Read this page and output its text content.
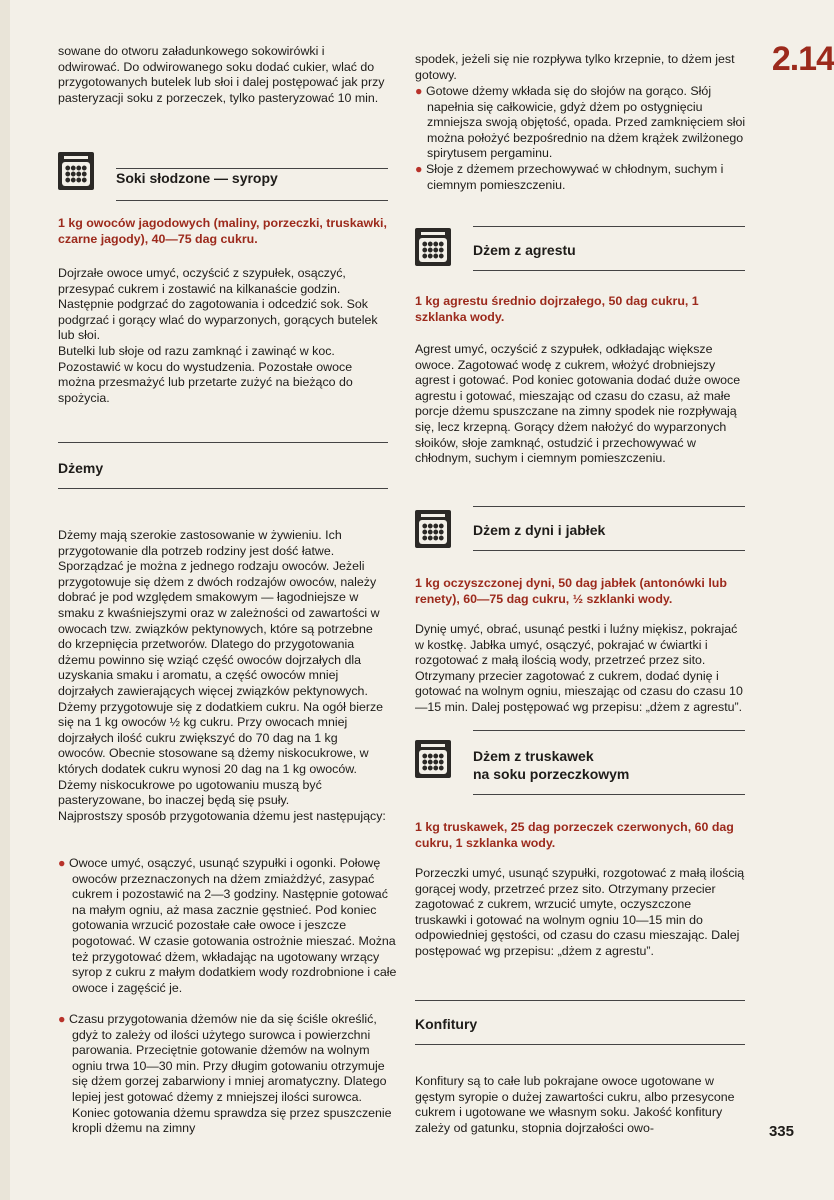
2.14

sowane do otworu załadunkowego sokowirówki i odwirować. Do odwirowanego soku dodać cukier, wlać do przygotowanych butelek lub słoi i dalej postępować jak przy pasteryzacji soku z porzeczek, tylko pasteryzować 10 min.

Soki słodzone — syropy

1 kg owoców jagodowych (maliny, porzeczki, truskawki, czarne jagody), 40—75 dag cukru.

Dojrzałe owoce umyć, oczyścić z szypułek, osączyć, przesypać cukrem i zostawić na kilkanaście godzin. Następnie podgrzać do zagotowania i odcedzić sok. Sok podgrzać i gorący wlać do wyparzonych, gorących butelek lub słoi.
Butelki lub słoje od razu zamknąć i zawinąć w koc. Pozostawić w kocu do wystudzenia. Pozostałe owoce można przesmażyć lub przetarte zużyć na bieżąco do spożycia.

Dżemy

Dżemy mają szerokie zastosowanie w żywieniu. Ich przygotowanie dla potrzeb rodziny jest dość łatwe. Sporządzać je można z jednego rodzaju owoców. Jeżeli przygotowuje się dżem z dwóch rodzajów owoców, należy dobrać je pod względem smakowym — łagodniejsze w smaku z kwaśniejszymi oraz w zależności od zawartości w owocach tzw. związków pektynowych, które są potrzebne do krzepnięcia przetworów. Dlatego do przygotowania dżemu powinno się wziąć część owoców dojrzałych dla uzyskania smaku i aromatu, a część owoców mniej dojrzałych zawierających więcej związków pektynowych.
Dżemy przygotowuje się z dodatkiem cukru. Na ogół bierze się na 1 kg owoców ½ kg cukru. Przy owocach mniej dojrzałych ilość cukru zwiększyć do 70 dag na 1 kg owoców. Obecnie stosowane są dżemy niskocukrowe, w których dodatek cukru wynosi 20 dag na 1 kg owoców. Dżemy niskocukrowe po ugotowaniu muszą być pasteryzowane, bo inaczej będą się psuły.
Najprostszy sposób przygotowania dżemu jest następujący:

● Owoce umyć, osączyć, usunąć szypułki i ogonki. Połowę owoców przeznaczonych na dżem zmiażdżyć, zasypać cukrem i pozostawić na 2—3 godziny. Następnie gotować na małym ogniu, aż masa zacznie gęstnieć. Pod koniec gotowania wrzucić pozostałe całe owoce i jeszcze pogotować. W czasie gotowania ostrożnie mieszać. Można też przygotować dżem, wkładając na ugotowany wrzący syrop z cukru z małym dodatkiem wody rozdrobnione i całe owoce i zagęścić je.

● Czasu przygotowania dżemów nie da się ściśle określić, gdyż to zależy od ilości użytego surowca i powierzchni parowania. Przeciętnie gotowanie dżemów na wolnym ogniu trwa 10—30 min. Przy długim gotowaniu otrzymuje się dżem gorzej zabarwiony i mniej aromatyczny. Dlatego lepiej jest gotować dżemy z mniejszej ilości surowca. Koniec gotowania dżemu sprawdza się przez spuszczenie kropli dżemu na zimny

spodek, jeżeli się nie rozpływa tylko krzepnie, to dżem jest gotowy.

● Gotowe dżemy wkłada się do słojów na gorąco. Słój napełnia się całkowicie, gdyż dżem po ostygnięciu zmniejsza swoją objętość, opada. Przed zamknięciem słoi można położyć bezpośrednio na dżem krążek zwilżonego spirytusem pergaminu.

● Słoje z dżemem przechowywać w chłodnym, suchym i ciemnym pomieszczeniu.

Dżem z agrestu

1 kg agrestu średnio dojrzałego, 50 dag cukru, 1 szklanka wody.

Agrest umyć, oczyścić z szypułek, odkładając większe owoce. Zagotować wodę z cukrem, włożyć drobniejszy agrest i gotować. Pod koniec gotowania dodać duże owoce agrestu i gotować, mieszając od czasu do czasu, aż małe porcje dżemu spuszczane na zimny spodek nie rozpływają się, lecz krzepną. Gorący dżem nałożyć do wyparzonych słoików, słoje zamknąć, ostudzić i przechowywać w chłodnym, suchym i ciemnym pomieszczeniu.

Dżem z dyni i jabłek

1 kg oczyszczonej dyni, 50 dag jabłek (antonówki lub renety), 60—75 dag cukru, ½ szklanki wody.

Dynię umyć, obrać, usunąć pestki i luźny miękisz, pokrajać w kostkę. Jabłka umyć, osączyć, pokrajać w ćwiartki i rozgotować z małą ilością wody, przetrzeć przez sito. Otrzymany przecier zagotować z cukrem, dodać dynię i gotować na wolnym ogniu, mieszając od czasu do czasu 10—15 min. Dalej postępować wg przepisu: „dżem z agrestu”.

Dżem z truskawek
na soku porzeczkowym

1 kg truskawek, 25 dag porzeczek czerwonych, 60 dag cukru, 1 szklanka wody.

Porzeczki umyć, usunąć szypułki, rozgotować z małą ilością gorącej wody, przetrzeć przez sito. Otrzymany przecier zagotować z cukrem, wrzucić umyte, oczyszczone truskawki i gotować na wolnym ogniu 10—15 min do odpowiedniej gęstości, od czasu do czasu mieszając. Dalej postępować wg przepisu: „dżem z agrestu”.

Konfitury

Konfitury są to całe lub pokrajane owoce ugotowane w gęstym syropie o dużej zawartości cukru, albo przesycone cukrem i ugotowane we własnym soku. Jakość konfitury zależy od gatunku, stopnia dojrzałości owo-	335
